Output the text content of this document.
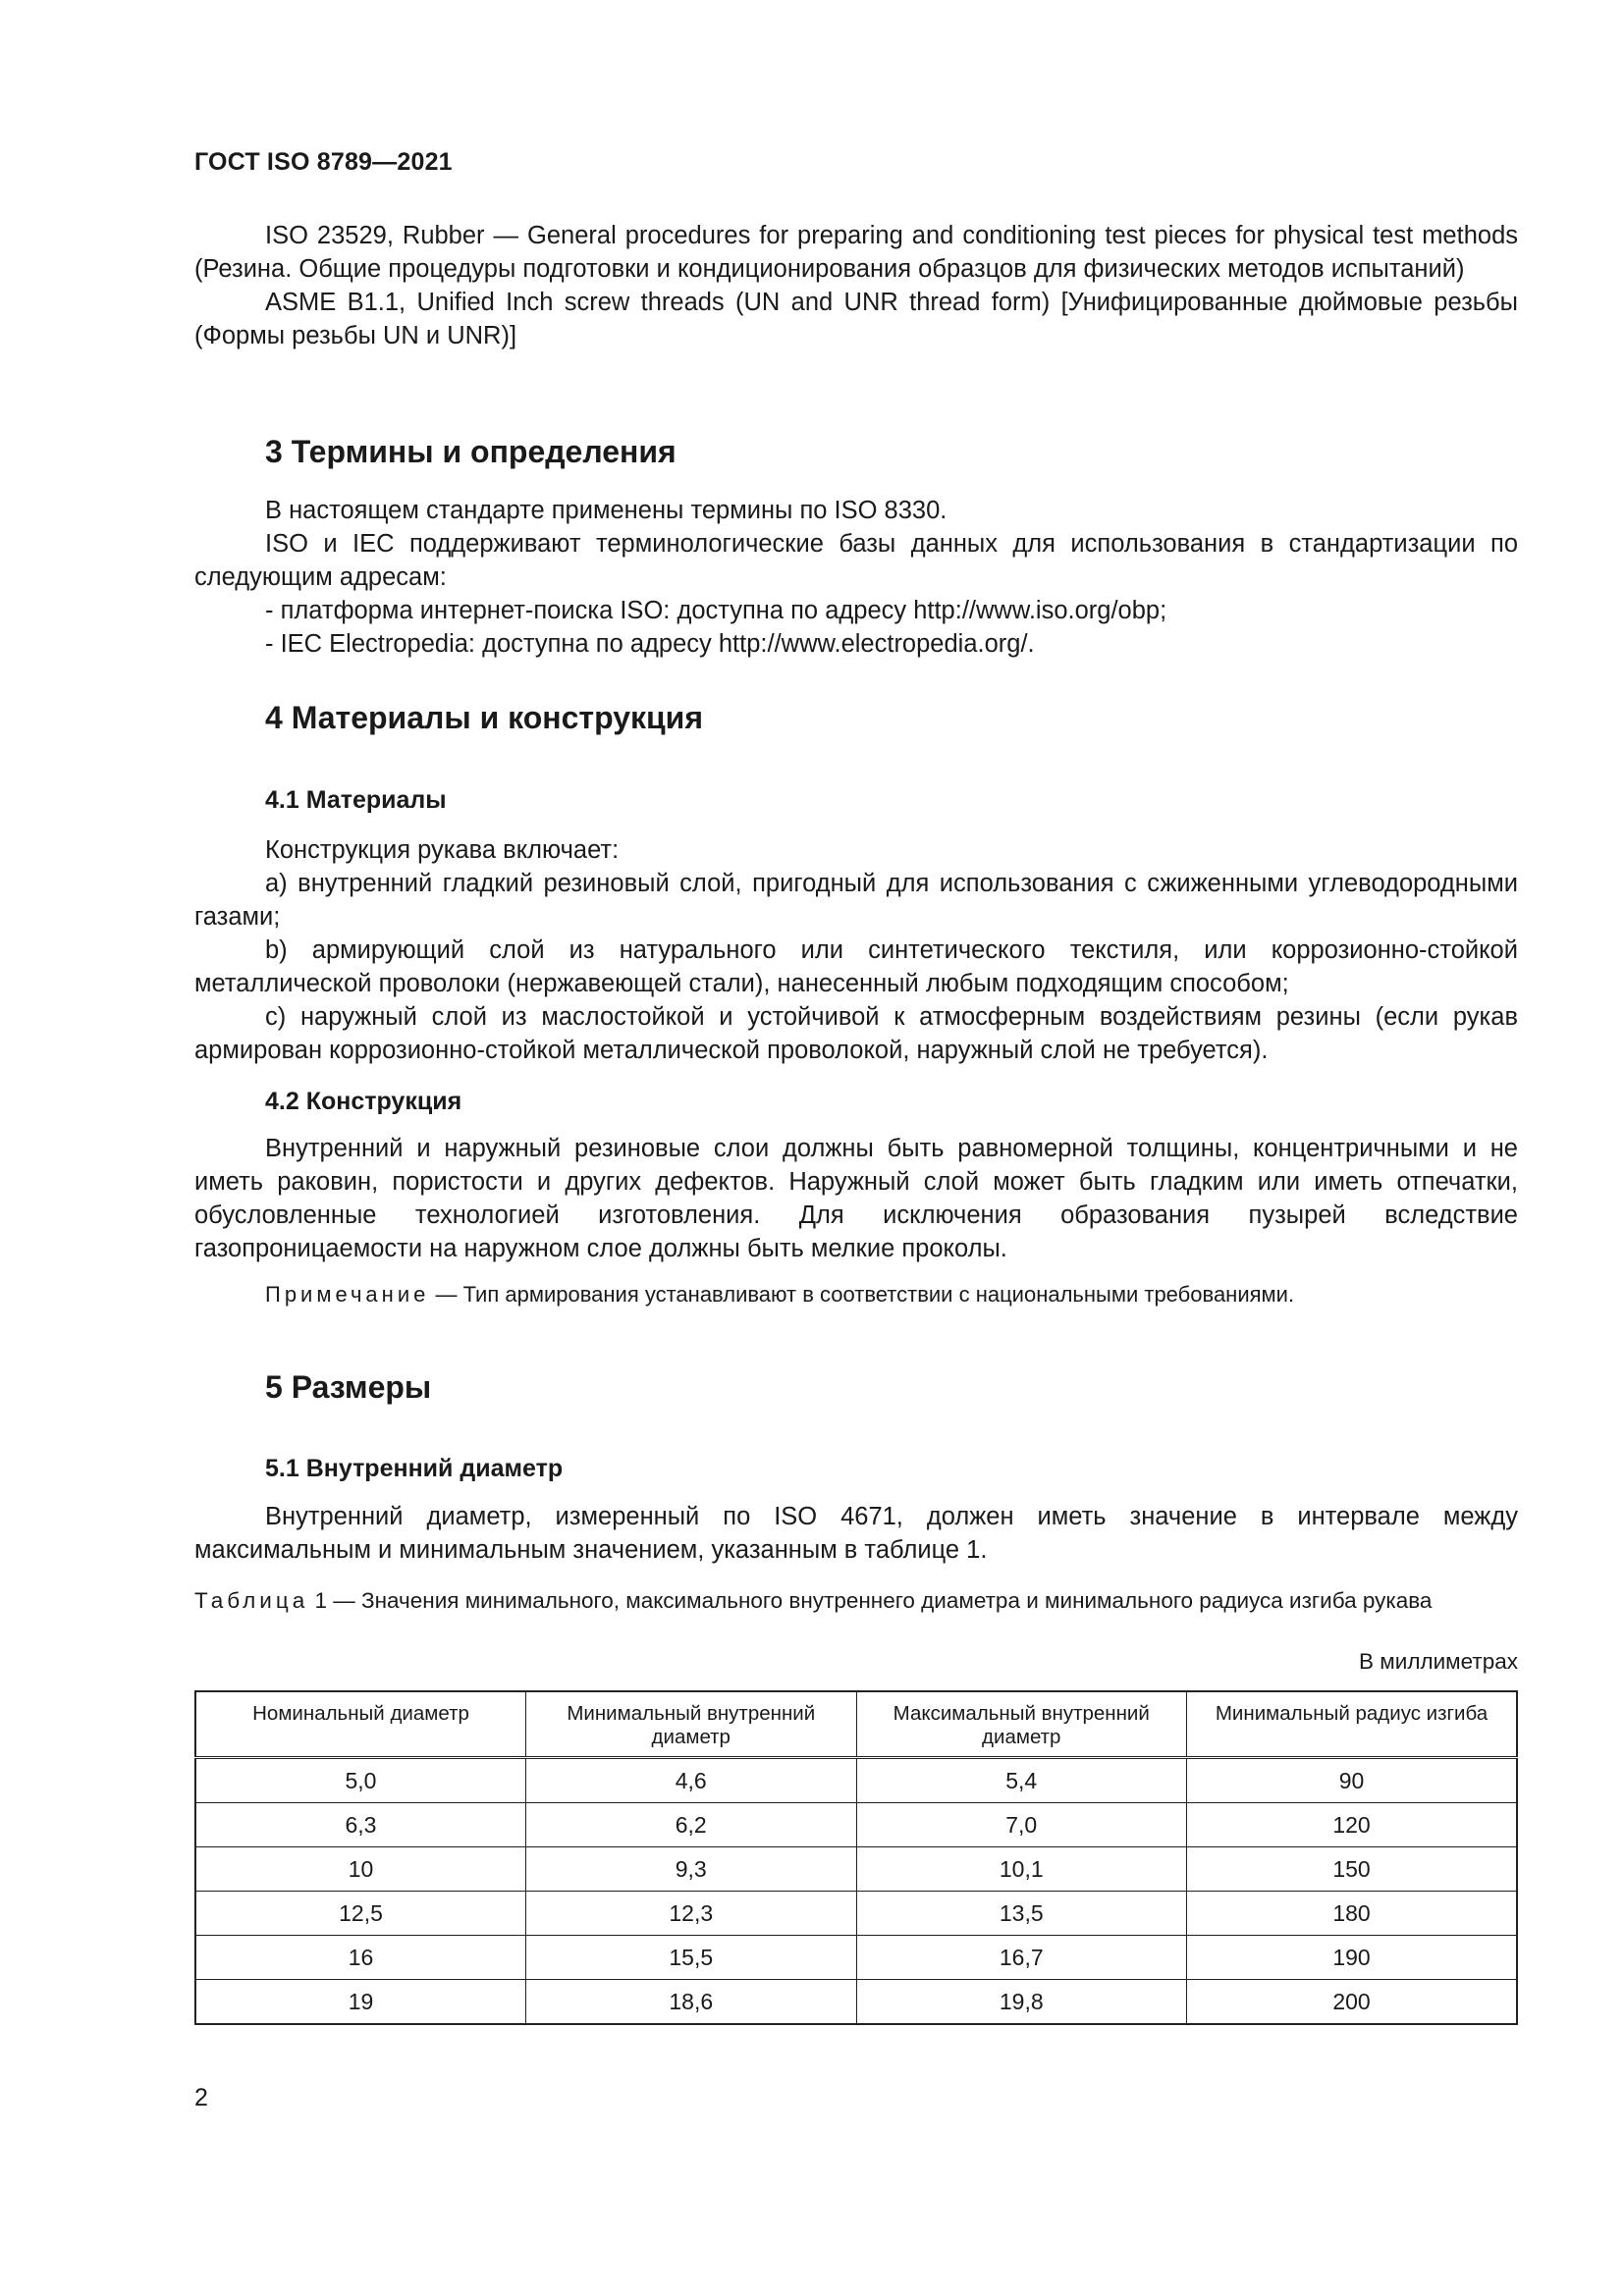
ГОСТ ISO 8789—2021

ISO 23529, Rubber — General procedures for preparing and conditioning test pieces for physical test methods (Резина. Общие процедуры подготовки и кондиционирования образцов для физических методов испытаний)

ASME B1.1, Unified Inch screw threads (UN and UNR thread form) [Унифицированные дюймовые резьбы (Формы резьбы UN и UNR)]

3 Термины и определения

В настоящем стандарте применены термины по ISO 8330.

ISO и IEC поддерживают терминологические базы данных для использования в стандартизации по следующим адресам:

- платформа интернет-поиска ISO: доступна по адресу http://www.iso.org/obp;

- IEC Electropedia: доступна по адресу http://www.electropedia.org/.

4 Материалы и конструкция
4.1 Материалы

Конструкция рукава включает:

a) внутренний гладкий резиновый слой, пригодный для использования с сжиженными углеводородными газами;

b) армирующий слой из натурального или синтетического текстиля, или коррозионно-стойкой металлической проволоки (нержавеющей стали), нанесенный любым подходящим способом;

c) наружный слой из маслостойкой и устойчивой к атмосферным воздействиям резины (если рукав армирован коррозионно-стойкой металлической проволокой, наружный слой не требуется).

4.2 Конструкция

Внутренний и наружный резиновые слои должны быть равномерной толщины, концентричными и не иметь раковин, пористости и других дефектов. Наружный слой может быть гладким или иметь отпечатки, обусловленные технологией изготовления. Для исключения образования пузырей вследствие газопроницаемости на наружном слое должны быть мелкие проколы.

Примечание — Тип армирования устанавливают в соответствии с национальными требованиями.
5 Размеры
5.1 Внутренний диаметр

Внутренний диаметр, измеренный по ISO 4671, должен иметь значение в интервале между максимальным и минимальным значением, указанным в таблице 1.

Таблица 1 — Значения минимального, максимального внутреннего диаметра и минимального радиуса изгиба рукава
В миллиметрах
Номинальный диаметр	Минимальный внутренний диаметр	Максимальный внутренний диаметр	Минимальный радиус изгиба
5,0	4,6	5,4	90
6,3	6,2	7,0	120
10	9,3	10,1	150
12,5	12,3	13,5	180
16	15,5	16,7	190
19	18,6	19,8	200
2
